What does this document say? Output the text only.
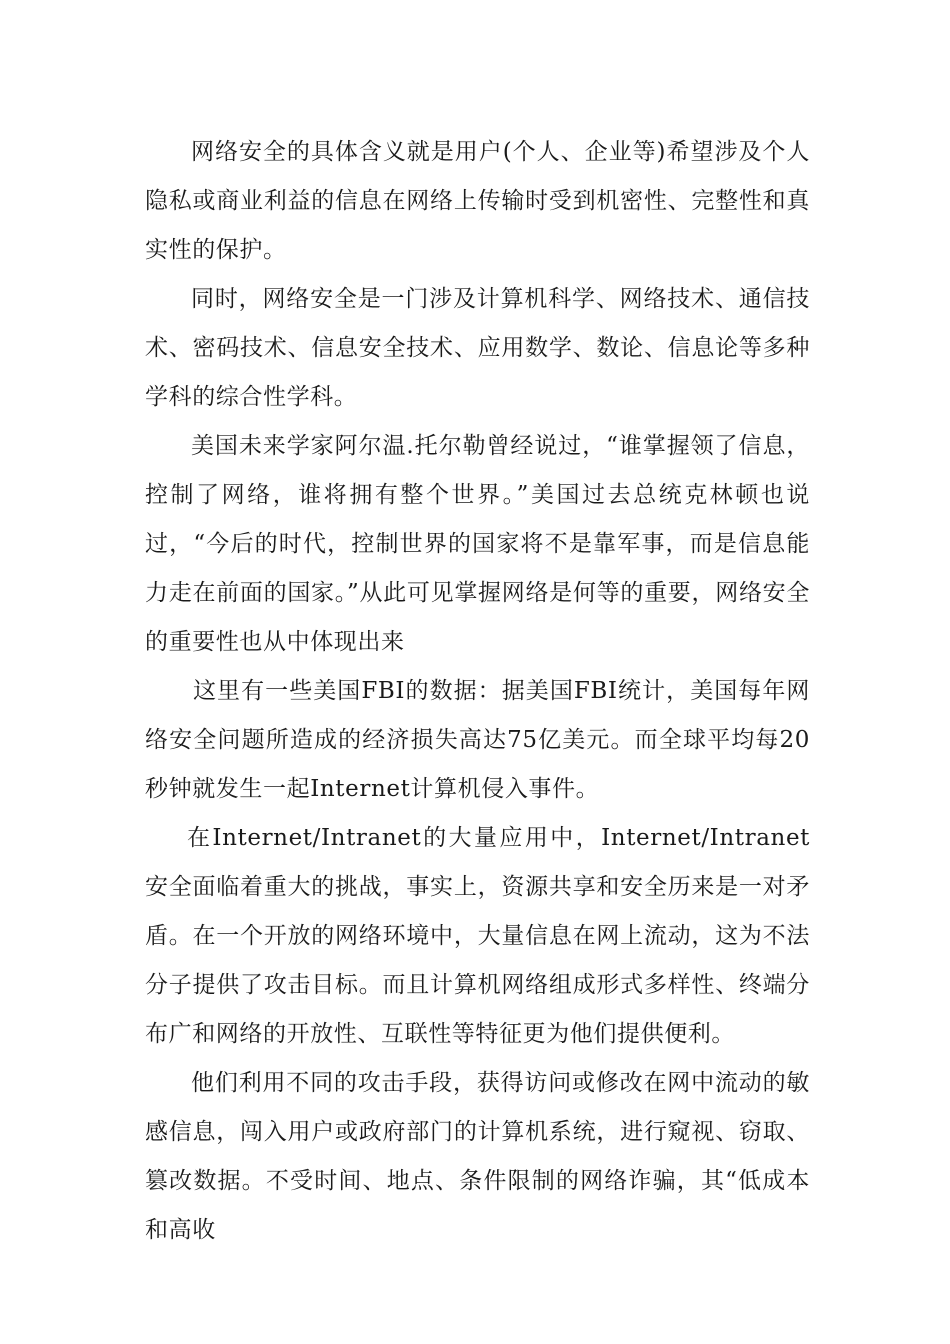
网络安全的具体含义就是用户(个人、企业等)希望涉及个人隐私或商业利益的信息在网络上传输时受到机密性、完整性和真实性的保护。

同时，网络安全是一门涉及计算机科学、网络技术、通信技术、密码技术、信息安全技术、应用数学、数论、信息论等多种学科的综合性学科。

美国未来学家阿尔温.托尔勒曾经说过，“谁掌握领了信息，控制了网络，谁将拥有整个世界。”美国过去总统克林顿也说过，“今后的时代，控制世界的国家将不是靠军事，而是信息能力走在前面的国家。”从此可见掌握网络是何等的重要，网络安全的重要性也从中体现出来

这里有一些美国FBI的数据：据美国FBI统计，美国每年网络安全问题所造成的经济损失高达75亿美元。而全球平均每20秒钟就发生一起Internet计算机侵入事件。

在Internet/Intranet的大量应用中，Internet/Intranet安全面临着重大的挑战，事实上，资源共享和安全历来是一对矛盾。在一个开放的网络环境中，大量信息在网上流动，这为不法分子提供了攻击目标。而且计算机网络组成形式多样性、终端分布广和网络的开放性、互联性等特征更为他们提供便利。

他们利用不同的攻击手段，获得访问或修改在网中流动的敏感信息，闯入用户或政府部门的计算机系统，进行窥视、窃取、篡改数据。不受时间、地点、条件限制的网络诈骗，其“低成本和高收
